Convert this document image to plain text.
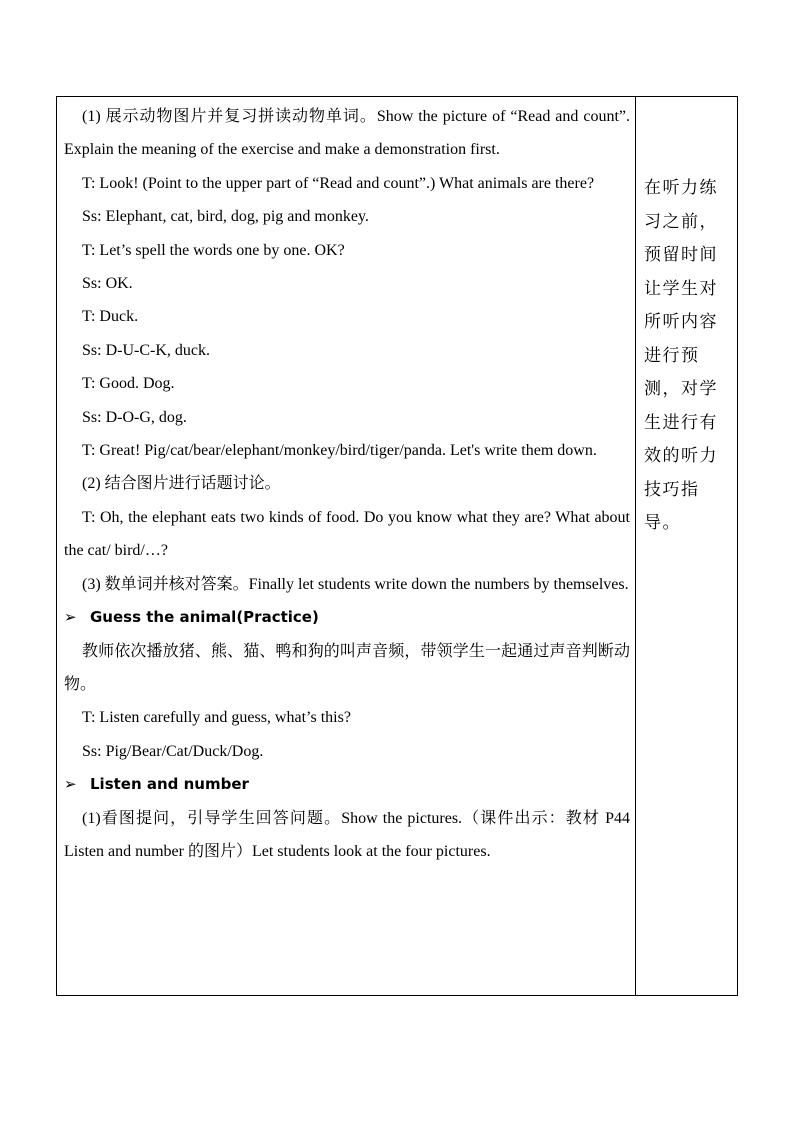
(1) 展示动物图片并复习拼读动物单词。Show the picture of “Read and count”. Explain the meaning of the exercise and make a demonstration first.

T: Look! (Point to the upper part of “Read and count”.) What animals are there?

Ss: Elephant, cat, bird, dog, pig and monkey.

T: Let’s spell the words one by one. OK?

Ss: OK.

T: Duck.

Ss: D-U-C-K, duck.

T: Good. Dog.

Ss: D-O-G, dog.

T: Great! Pig/cat/bear/elephant/monkey/bird/tiger/panda. Let's write them down.

(2) 结合图片进行话题讨论。

T: Oh, the elephant eats two kinds of food. Do you know what they are? What about the cat/ bird/…?

(3) 数单词并核对答案。Finally let students write down the numbers by themselves.

➢ Guess the animal(Practice)

教师依次播放猪、熊、猫、鸭和狗的叫声音频，带领学生一起通过声音判断动物。

T: Listen carefully and guess, what’s this?

Ss: Pig/Bear/Cat/Duck/Dog.

➢ Listen and number

(1)看图提问，引导学生回答问题。Show the pictures.（课件出示：教材 P44 Listen and number 的图片）Let students look at the four pictures.

在听力练习之前，预留时间让学生对所听内容进行预测，对学生进行有效的听力技巧指导。
